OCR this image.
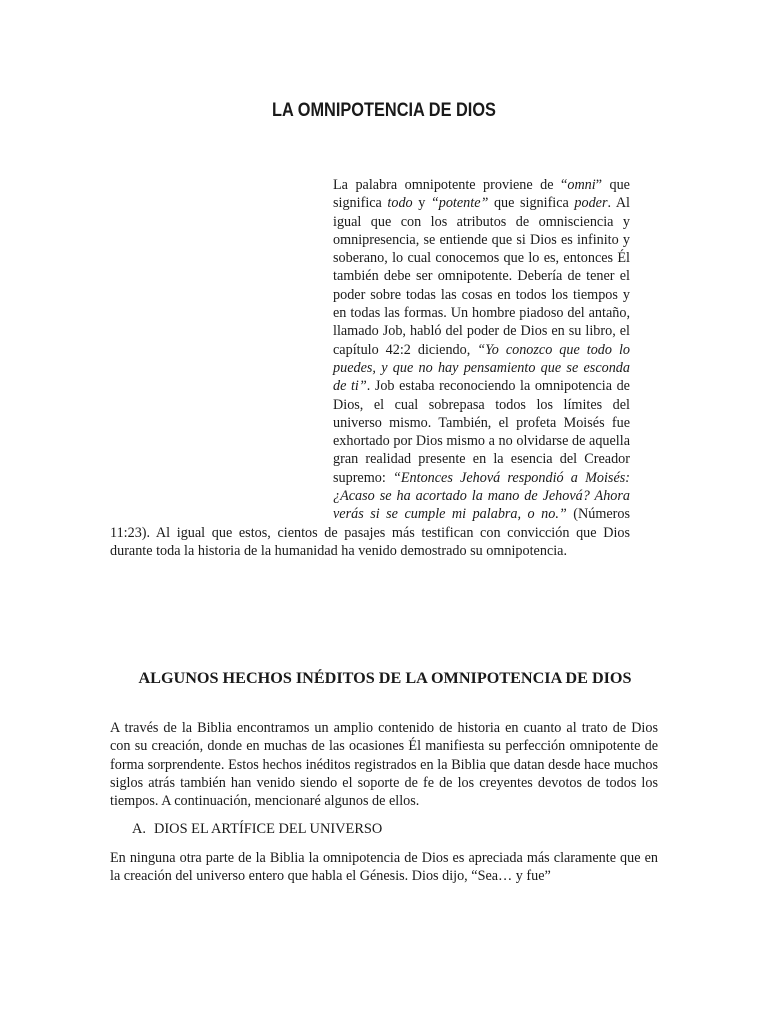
LA OMNIPOTENCIA DE DIOS
La palabra omnipotente proviene de “omni” que significa todo y “potente” que significa poder. Al igual que con los atributos de omnisciencia y omnipresencia, se entiende que si Dios es infinito y soberano, lo cual conocemos que lo es, entonces Él también debe ser omnipotente. Debería de tener el poder sobre todas las cosas en todos los tiempos y en todas las formas. Un hombre piadoso del antaño, llamado Job, habló del poder de Dios en su libro, el capítulo 42:2 diciendo, “Yo conozco que todo lo puedes, y que no hay pensamiento que se esconda de ti”. Job estaba reconociendo la omnipotencia de Dios, el cual sobrepasa todos los límites del universo mismo. También, el profeta Moisés fue exhortado por Dios mismo a no olvidarse de aquella gran realidad presente en la esencia del Creador supremo: “Entonces Jehová respondió a Moisés: ¿Acaso se ha acortado la mano de Jehová? Ahora verás si se cumple mi palabra, o no.” (Números 11:23). Al igual que estos, cientos de pasajes más testifican con convicción que Dios durante toda la historia de la humanidad ha venido demostrado su omnipotencia.
ALGUNOS HECHOS INÉDITOS DE LA OMNIPOTENCIA DE DIOS
A través de la Biblia encontramos un amplio contenido de historia en cuanto al trato de Dios con su creación, donde en muchas de las ocasiones Él manifiesta su perfección omnipotente de forma sorprendente. Estos hechos inéditos registrados en la Biblia que datan desde hace muchos siglos atrás también han venido siendo el soporte de fe de los creyentes devotos de todos los tiempos. A continuación, mencionaré algunos de ellos.
A. DIOS EL ARTÍFICE DEL UNIVERSO
En ninguna otra parte de la Biblia la omnipotencia de Dios es apreciada más claramente que en la creación del universo entero que habla el Génesis. Dios dijo, “Sea… y fue”
